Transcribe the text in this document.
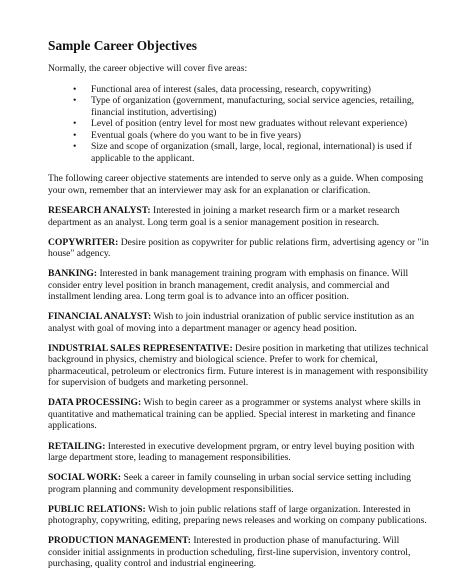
Sample Career Objectives

Normally, the career objective will cover five areas:

• Functional area of interest (sales, data processing, research, copywriting)
• Type of organization (government, manufacturing, social service agencies, retailing, financial institution, advertising)
• Level of position (entry level for most new graduates without relevant experience)
• Eventual goals (where do you want to be in five years)
• Size and scope of organization (small, large, local, regional, international) is used if applicable to the applicant.

The following career objective statements are intended to serve only as a guide. When composing your own, remember that an interviewer may ask for an explanation or clarification.

RESEARCH ANALYST: Interested in joining a market research firm or a market research department as an analyst. Long term goal is a senior management position in research.

COPYWRITER: Desire position as copywriter for public relations firm, advertising agency or "in house" adgency.

BANKING: Interested in bank management training program with emphasis on finance. Will consider entry level position in branch management, credit analysis, and commercial and installment lending area. Long term goal is to advance into an officer position.

FINANCIAL ANALYST: Wish to join industrial oranization of public service institution as an analyst with goal of moving into a department manager or agency head position.

INDUSTRIAL SALES REPRESENTATIVE: Desire position in marketing that utilizes technical background in physics, chemistry and biological science. Prefer to work for chemical, pharmaceutical, petroleum or electronics firm. Future interest is in management with responsibility for supervision of budgets and marketing personnel.

DATA PROCESSING: Wish to begin career as a programmer or systems analyst where skills in quantitative and mathematical training can be applied. Special interest in marketing and finance applications.

RETAILING: Interested in executive development prgram, or entry level buying position with large department store, leading to management responsibilities.

SOCIAL WORK: Seek a career in family counseling in urban social service setting including program planning and community development responsibilities.

PUBLIC RELATIONS: Wish to join public relations staff of large organization. Interested in photography, copywriting, editing, preparing news releases and working on company publications.

PRODUCTION MANAGEMENT: Interested in production phase of manufacturing. Will consider initial assignments in production scheduling, first-line supervision, inventory control, purchasing, quality control and industrial engineering.
